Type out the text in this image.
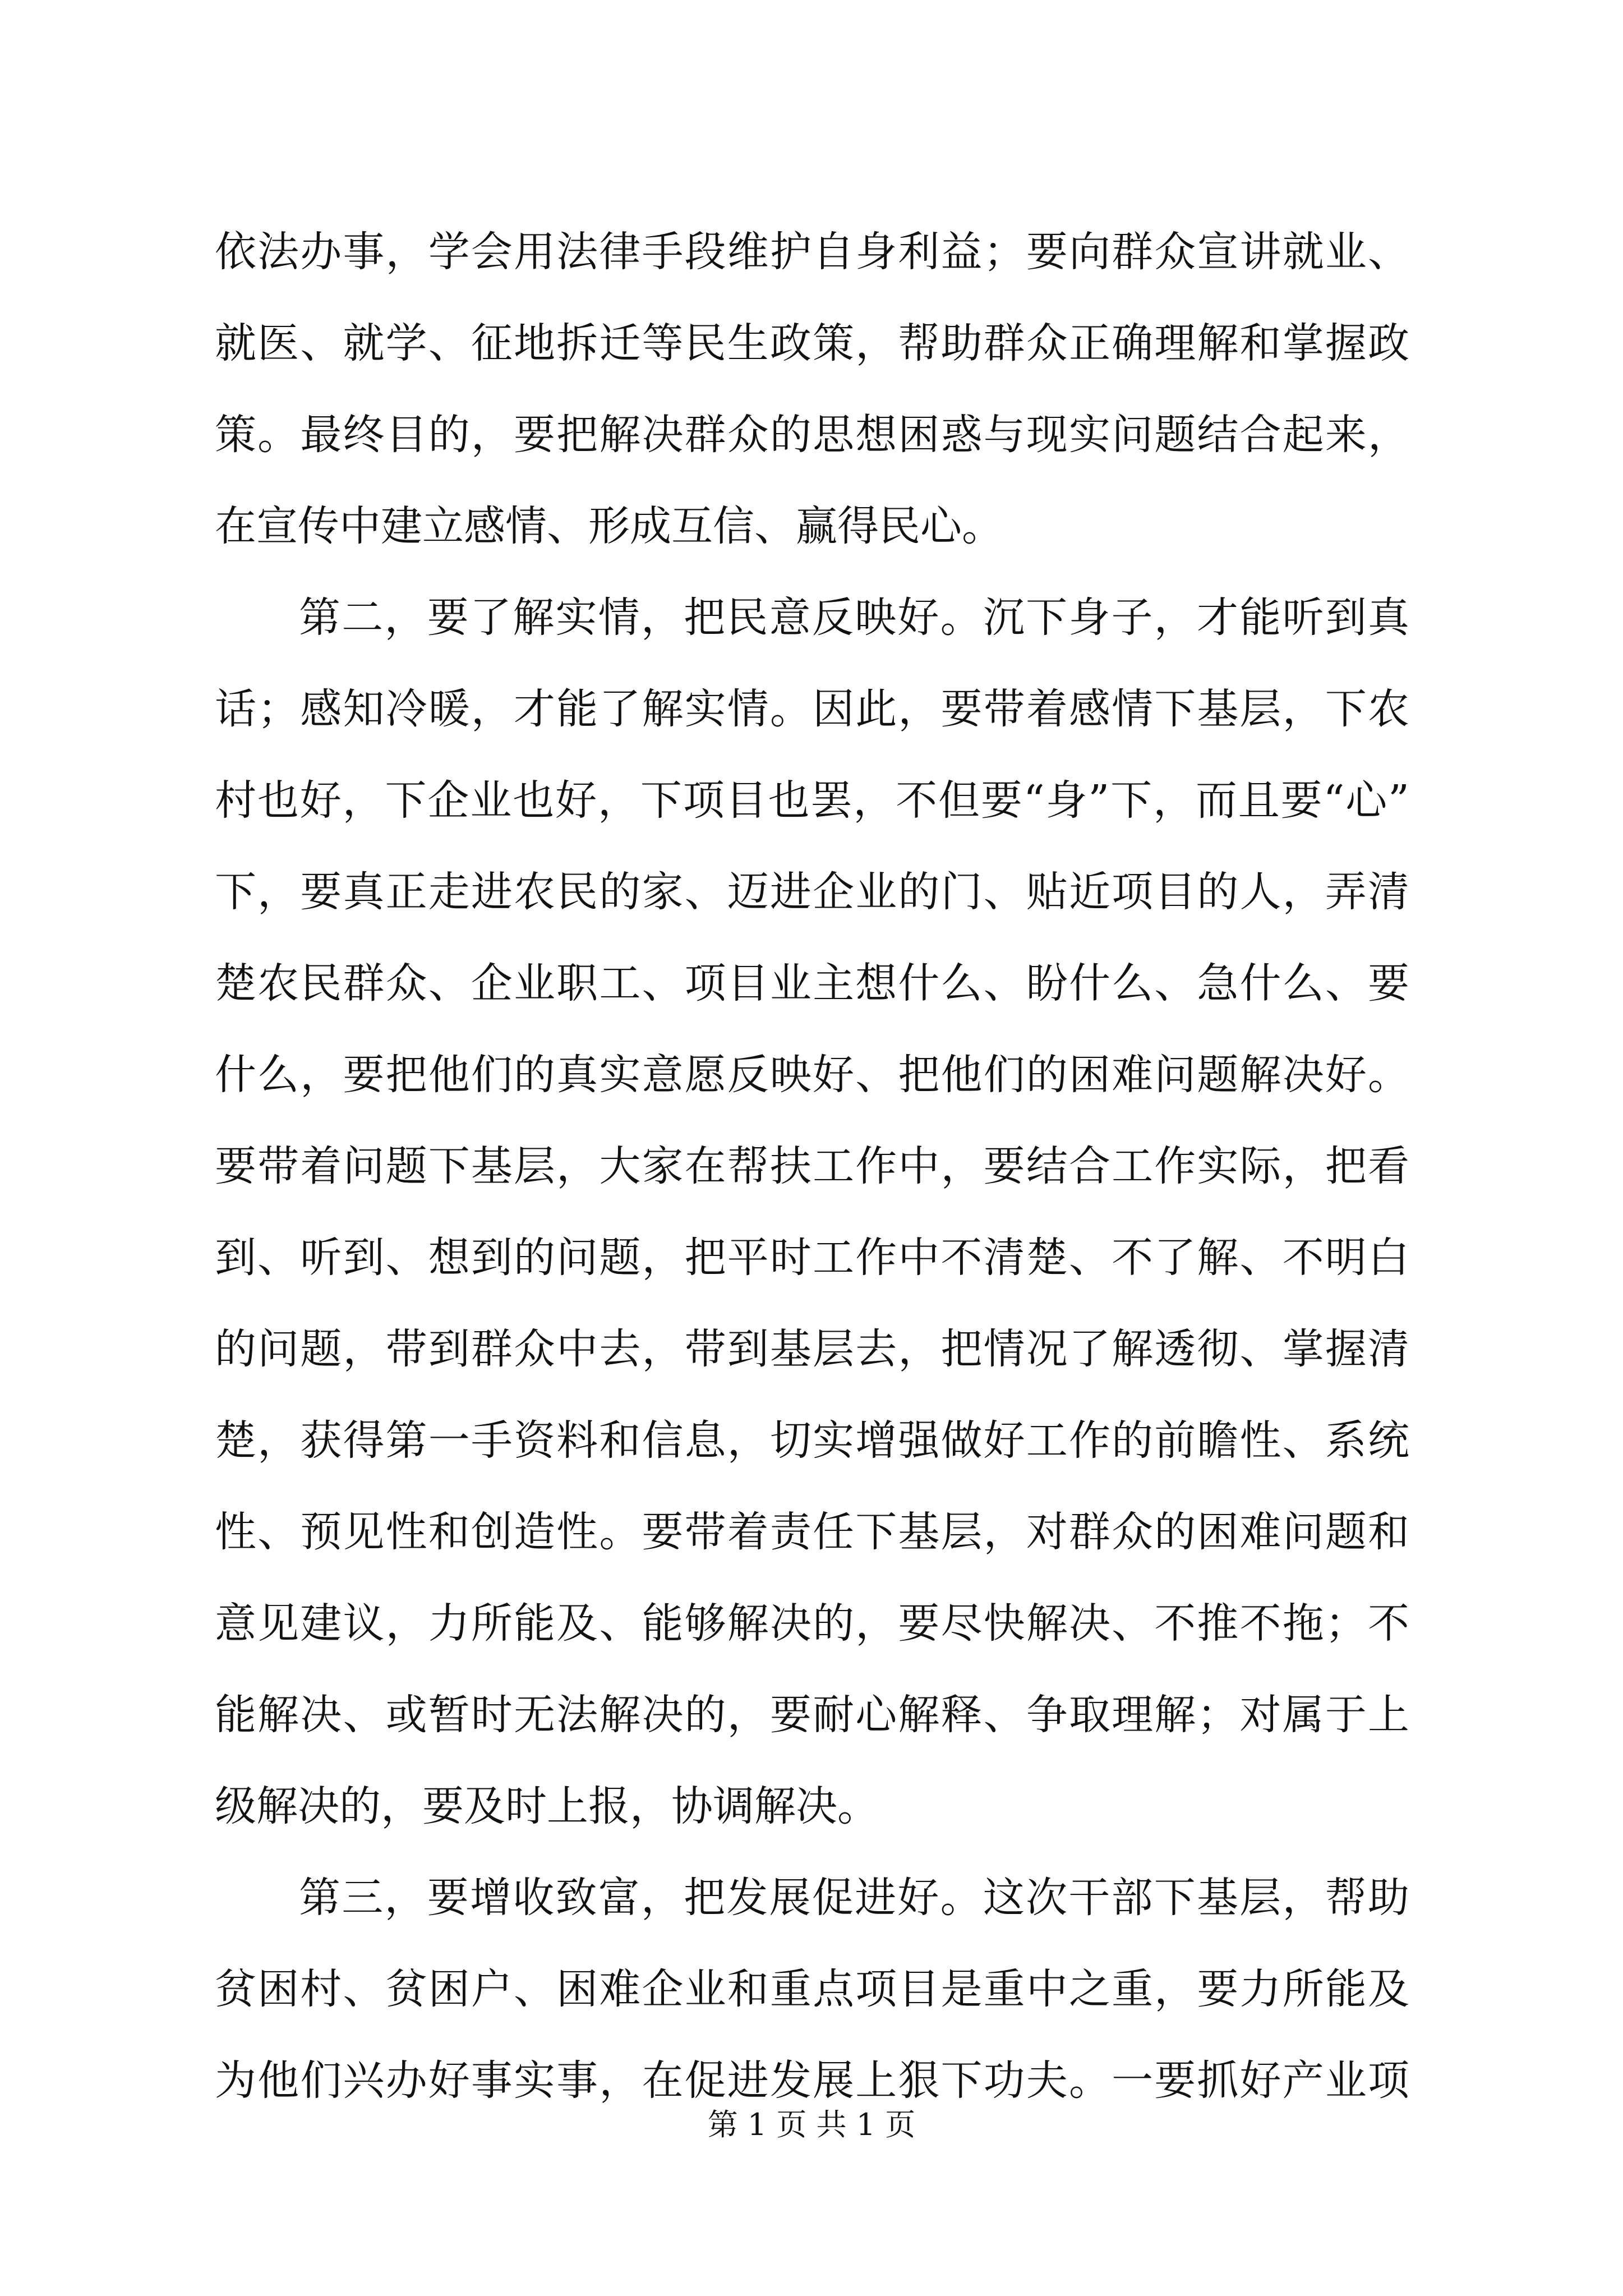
依法办事，学会用法律手段维护自身利益；要向群众宣讲就业、
就医、就学、征地拆迁等民生政策，帮助群众正确理解和掌握政
策。最终目的，要把解决群众的思想困惑与现实问题结合起来，
在宣传中建立感情、形成互信、赢得民心。
第二，要了解实情，把民意反映好。沉下身子，才能听到真
话；感知冷暖，才能了解实情。因此，要带着感情下基层，下农
村也好，下企业也好，下项目也罢，不但要“身”下，而且要“心”
下，要真正走进农民的家、迈进企业的门、贴近项目的人，弄清
楚农民群众、企业职工、项目业主想什么、盼什么、急什么、要
什么，要把他们的真实意愿反映好、把他们的困难问题解决好。
要带着问题下基层，大家在帮扶工作中，要结合工作实际，把看
到、听到、想到的问题，把平时工作中不清楚、不了解、不明白
的问题，带到群众中去，带到基层去，把情况了解透彻、掌握清
楚，获得第一手资料和信息，切实增强做好工作的前瞻性、系统
性、预见性和创造性。要带着责任下基层，对群众的困难问题和
意见建议，力所能及、能够解决的，要尽快解决、不推不拖；不
能解决、或暂时无法解决的，要耐心解释、争取理解；对属于上
级解决的，要及时上报，协调解决。
第三，要增收致富，把发展促进好。这次干部下基层，帮助
贫困村、贫困户、困难企业和重点项目是重中之重，要力所能及
为他们兴办好事实事，在促进发展上狠下功夫。一要抓好产业项
第 1 页 共 1 页
